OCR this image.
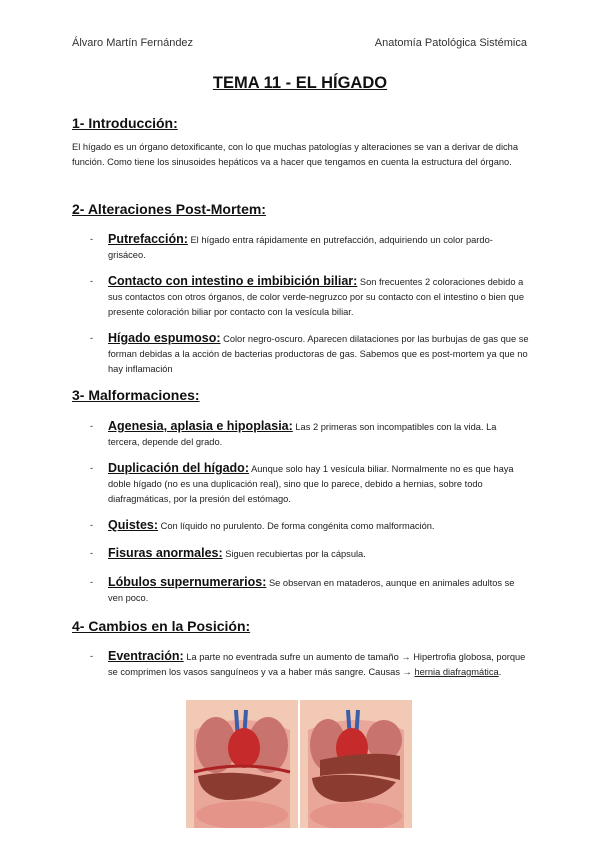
Álvaro Martín Fernández	Anatomía Patológica Sistémica
TEMA 11 - EL HÍGADO
1- Introducción:
El hígado es un órgano detoxificante, con lo que muchas patologías y alteraciones se van a derivar de dicha función. Como tiene los sinusoides hepáticos va a hacer que tengamos en cuenta la estructura del órgano.
2- Alteraciones Post-Mortem:
- Putrefacción: El hígado entra rápidamente en putrefacción, adquiriendo un color pardo-grisáceo.
- Contacto con intestino e imbibición biliar: Son frecuentes 2 coloraciones debido a sus contactos con otros órganos, de color verde-negruzco por su contacto con el intestino o bien que presente coloración biliar por contacto con la vesícula biliar.
- Hígado espumoso: Color negro-oscuro. Aparecen dilataciones por las burbujas de gas que se forman debidas a la acción de bacterias productoras de gas. Sabemos que es post-mortem ya que no hay inflamación
3- Malformaciones:
- Agenesia, aplasia e hipoplasia: Las 2 primeras son incompatibles con la vida. La tercera, depende del grado.
- Duplicación del hígado: Aunque solo hay 1 vesícula biliar. Normalmente no es que haya doble hígado (no es una duplicación real), sino que lo parece, debido a hernias, sobre todo diafragmáticas, por la presión del estómago.
- Quistes: Con líquido no purulento. De forma congénita como malformación.
- Fisuras anormales: Siguen recubiertas por la cápsula.
- Lóbulos supernumerarios: Se observan en mataderos, aunque en animales adultos se ven poco.
4- Cambios en la Posición:
- Eventración: La parte no eventrada sufre un aumento de tamaño → Hipertrofia globosa, porque se comprimen los vasos sanguíneos y va a haber más sangre. Causas → hernia diafragmática.
